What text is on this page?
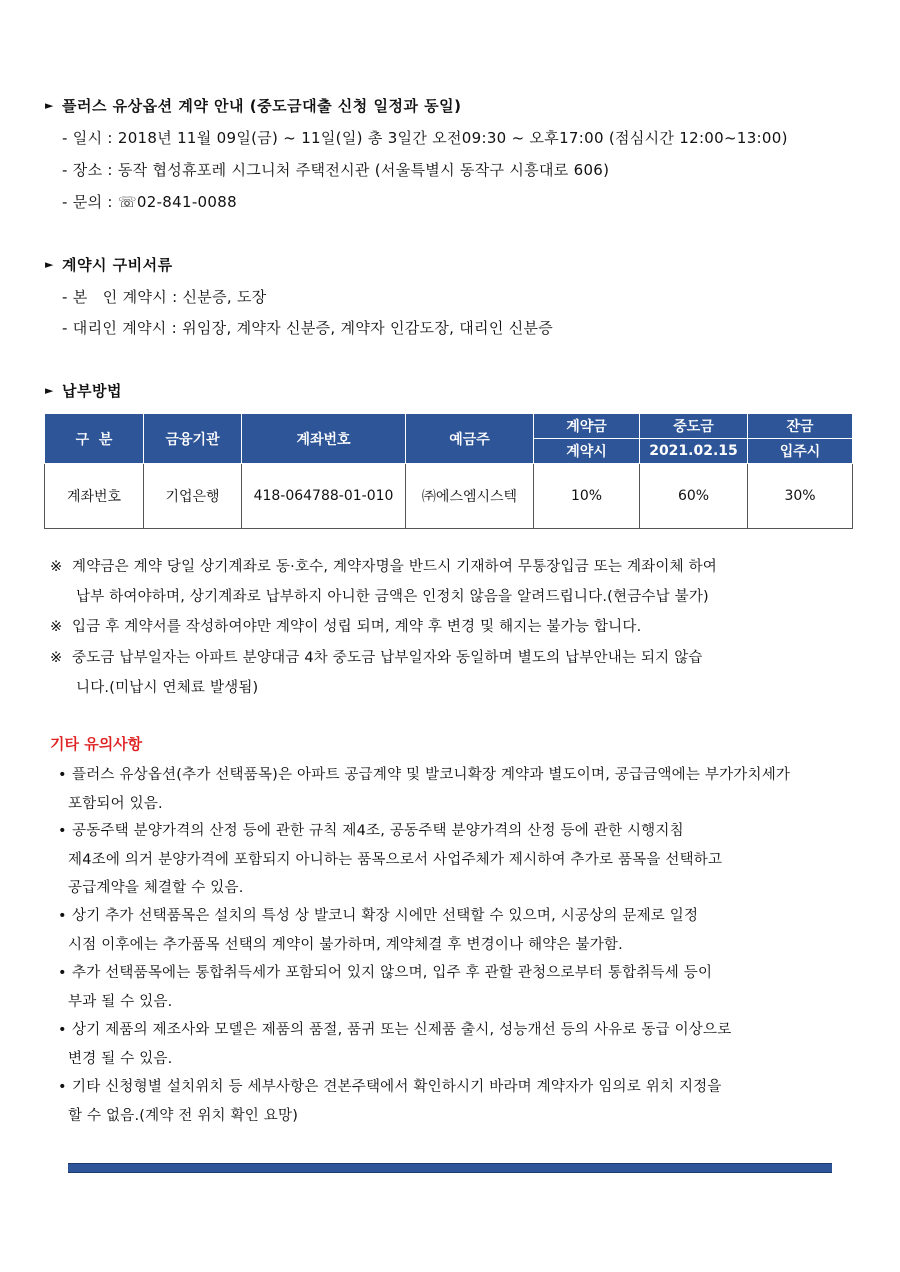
► 플러스 유상옵션 계약 안내 (중도금대출 신청 일정과 동일)
- 일시 : 2018년 11월 09일(금) ~ 11일(일) 총 3일간 오전09:30 ~ 오후17:00 (점심시간 12:00~13:00)
- 장소 : 동작 협성휴포레 시그니처 주택전시관 (서울특별시 동작구 시흥대로 606)
- 문의 : ☏02-841-0088
► 계약시 구비서류
- 본   인 계약시 : 신분증, 도장
- 대리인 계약시 : 위임장, 계약자 신분증, 계약자 인감도장, 대리인 신분증
► 납부방법
구  분	금융기관	계좌번호	예금주	계약금	중도금	잔금
				계약시	2021.02.15	입주시
계좌번호	기업은행	418-064788-01-010	㈜에스엠시스텍	10%	60%	30%
※ 계약금은 계약 당일 상기계좌로 동·호수, 계약자명을 반드시 기재하여 무통장입금 또는 계좌이체 하여
납부 하여야하며, 상기계좌로 납부하지 아니한 금액은 인정치 않음을 알려드립니다.(현금수납 불가)
※ 입금 후 계약서를 작성하여야만 계약이 성립 되며, 계약 후 변경 및 해지는 불가능 합니다.
※ 중도금 납부일자는 아파트 분양대금 4차 중도금 납부일자와 동일하며 별도의 납부안내는 되지 않습
니다.(미납시 연체료 발생됨)
기타 유의사항
• 플러스 유상옵션(추가 선택품목)은 아파트 공급계약 및 발코니확장 계약과 별도이며, 공급금액에는 부가가치세가
포함되어 있음.
• 공동주택 분양가격의 산정 등에 관한 규칙 제4조, 공동주택 분양가격의 산정 등에 관한 시행지침
제4조에 의거 분양가격에 포함되지 아니하는 품목으로서 사업주체가 제시하여 추가로 품목을 선택하고
공급계약을 체결할 수 있음.
• 상기 추가 선택품목은 설치의 특성 상 발코니 확장 시에만 선택할 수 있으며, 시공상의 문제로 일정
시점 이후에는 추가품목 선택의 계약이 불가하며, 계약체결 후 변경이나 해약은 불가함.
• 추가 선택품목에는 통합취득세가 포함되어 있지 않으며, 입주 후 관할 관청으로부터 통합취득세 등이
부과 될 수 있음.
• 상기 제품의 제조사와 모델은 제품의 품절, 품귀 또는 신제품 출시, 성능개선 등의 사유로 동급 이상으로
변경 될 수 있음.
• 기타 신청형별 설치위치 등 세부사항은 견본주택에서 확인하시기 바라며 계약자가 임의로 위치 지정을
할 수 없음.(계약 전 위치 확인 요망)
